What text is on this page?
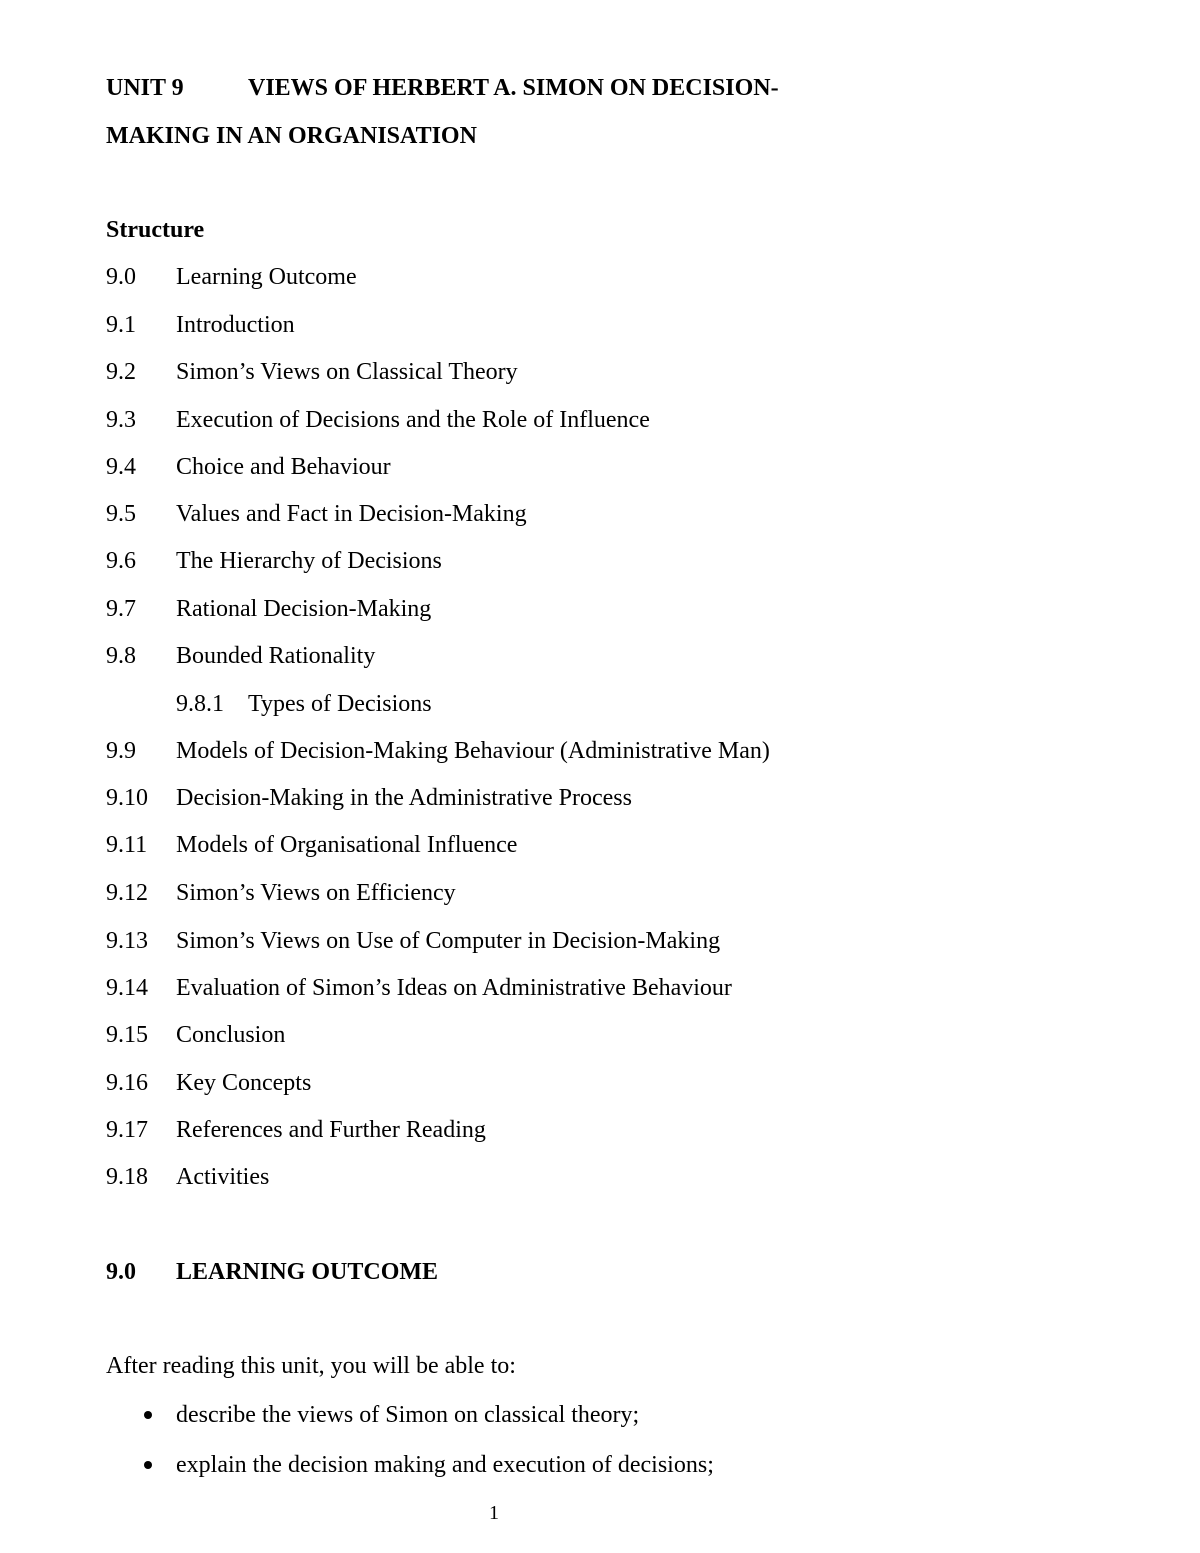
UNIT 9	VIEWS OF HERBERT A. SIMON ON DECISION-
MAKING IN AN ORGANISATION
Structure
9.0 Learning Outcome
9.1 Introduction
9.2 Simon’s Views on Classical Theory
9.3 Execution of Decisions and the Role of Influence
9.4 Choice and Behaviour
9.5 Values and Fact in Decision-Making
9.6 The Hierarchy of Decisions
9.7 Rational Decision-Making
9.8 Bounded Rationality
9.8.1 Types of Decisions
9.9 Models of Decision-Making Behaviour (Administrative Man)
9.10 Decision-Making in the Administrative Process
9.11 Models of Organisational Influence
9.12 Simon’s Views on Efficiency
9.13 Simon’s Views on Use of Computer in Decision-Making
9.14 Evaluation of Simon’s Ideas on Administrative Behaviour
9.15 Conclusion
9.16 Key Concepts
9.17 References and Further Reading
9.18 Activities
9.0 LEARNING OUTCOME
After reading this unit, you will be able to:
describe the views of Simon on classical theory;
explain the decision making and execution of decisions;
1
